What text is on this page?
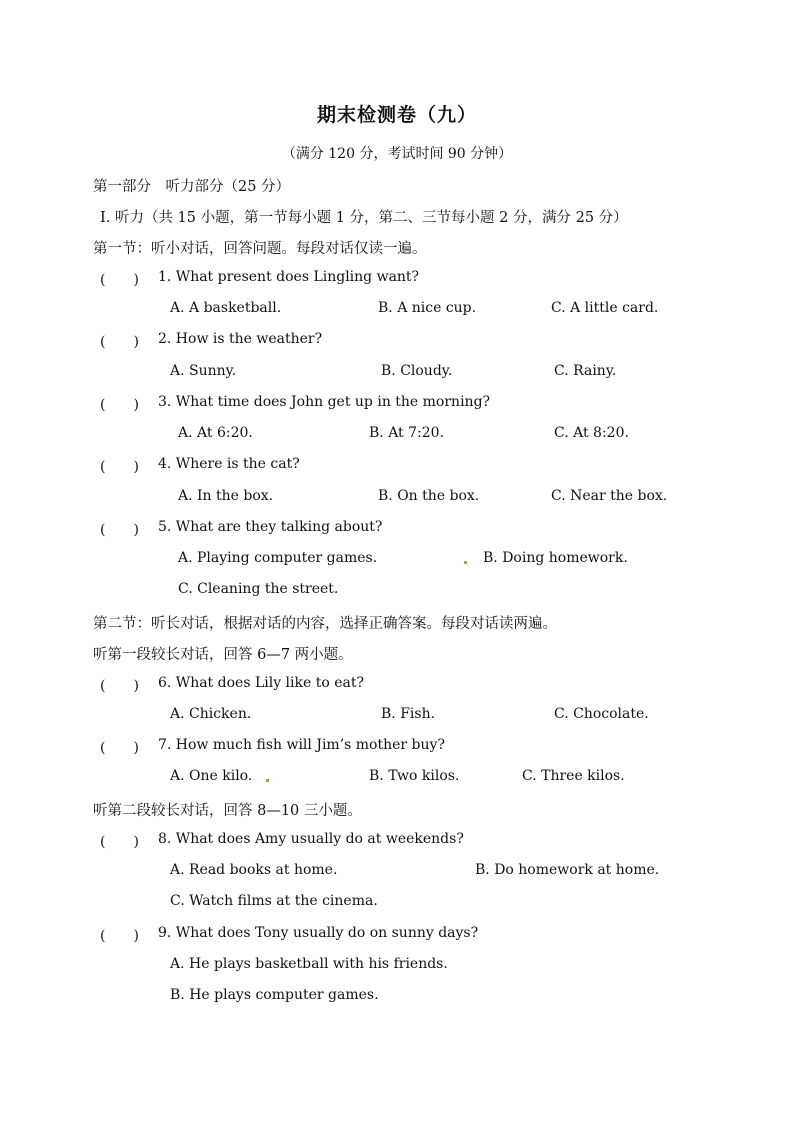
期末检测卷（九）
（满分 120 分，考试时间 90 分钟）
第一部分　听力部分（25 分）
Ⅰ. 听力（共 15 小题，第一节每小题 1 分，第二、三节每小题 2 分，满分 25 分）
第一节：听小对话，回答问题。每段对话仅读一遍。
(　　) 1. What present does Lingling want?
A. A basketball.	B. A nice cup.	C. A little card.
(　　) 2. How is the weather?
A. Sunny.	B. Cloudy.	C. Rainy.
(　　) 3. What time does John get up in the morning?
A. At 6:20.	B. At 7:20.	C. At 8:20.
(　　) 4. Where is the cat?
A. In the box.	B. On the box.	C. Near the box.
(　　) 5. What are they talking about?
A. Playing computer games.	B. Doing homework.
C. Cleaning the street.
第二节：听长对话，根据对话的内容，选择正确答案。每段对话读两遍。
听第一段较长对话，回答 6—7 两小题。
(　　) 6. What does Lily like to eat?
A. Chicken.	B. Fish.	C. Chocolate.
(　　) 7. How much fish will Jim’s mother buy?
A. One kilo.	B. Two kilos.	C. Three kilos.
听第二段较长对话，回答 8—10 三小题。
(　　) 8. What does Amy usually do at weekends?
A. Read books at home.	B. Do homework at home.
C. Watch films at the cinema.
(　　) 9. What does Tony usually do on sunny days?
A. He plays basketball with his friends.
B. He plays computer games.
